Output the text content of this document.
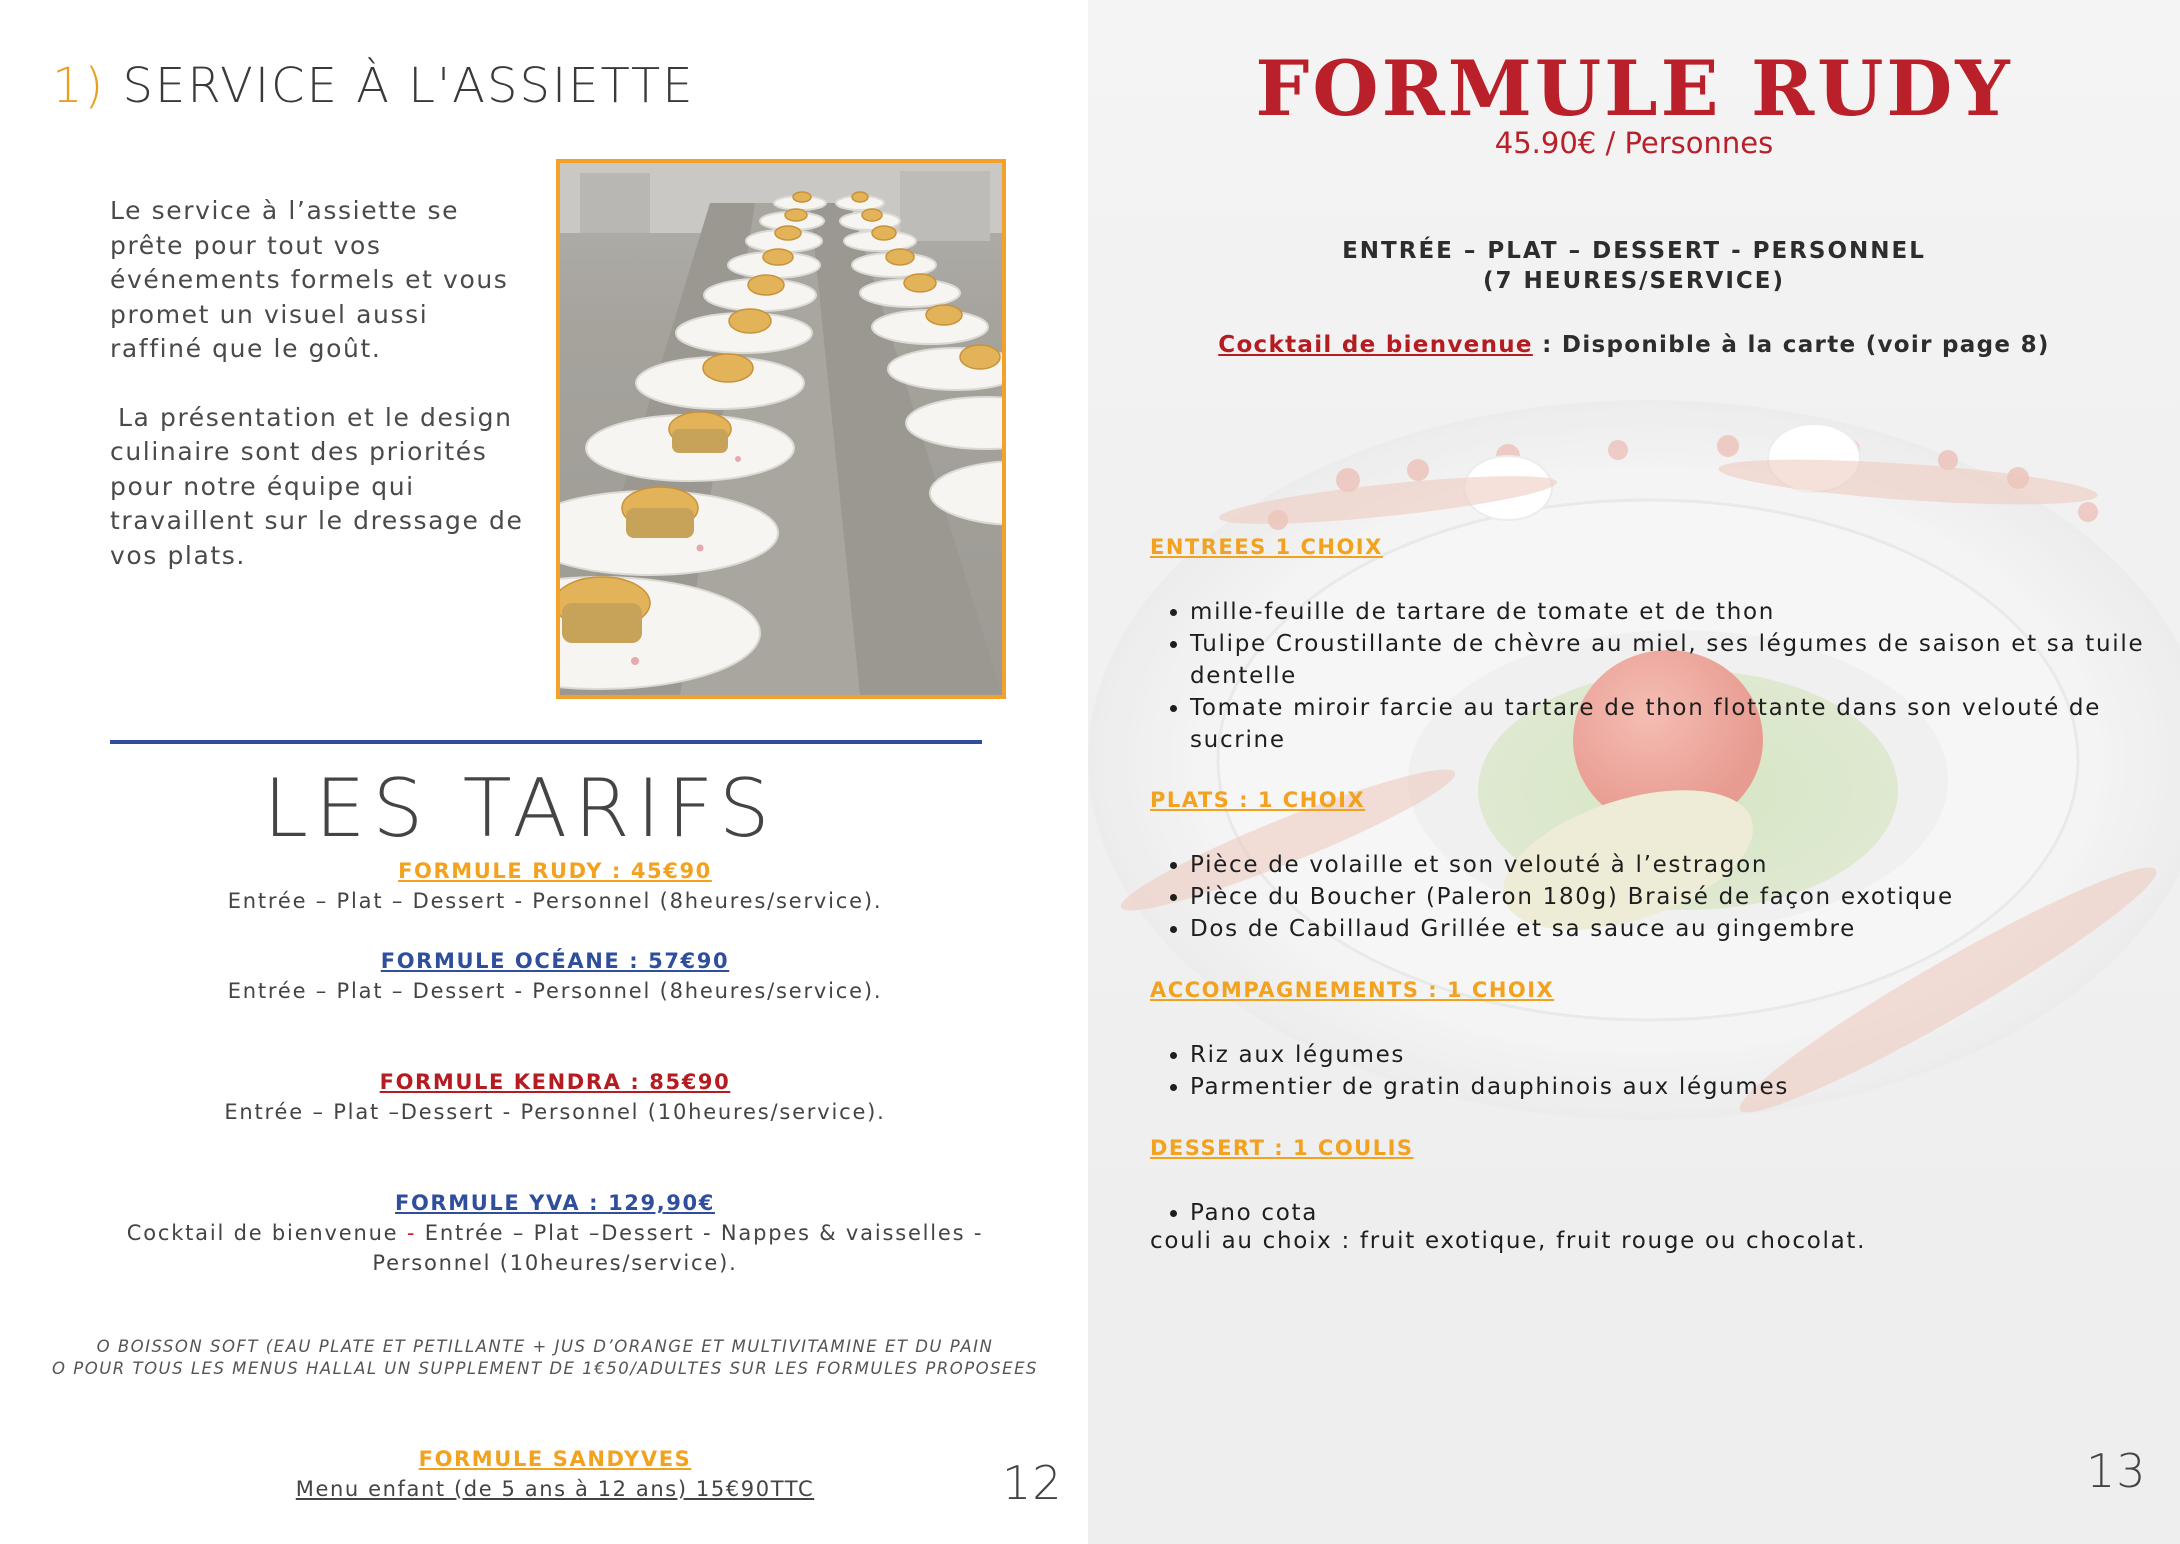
1) SERVICE À L'ASSIETTE

Le service à l’assiette se prête pour tout vos événements formels et vous promet un visuel aussi raffiné que le goût.

La présentation et le design culinaire sont des priorités pour notre équipe qui travaillent sur le dressage de vos plats.

LES TARIFS
FORMULE RUDY : 45€90
Entrée – Plat – Dessert - Personnel (8heures/service).
FORMULE OCÉANE : 57€90
Entrée – Plat – Dessert - Personnel (8heures/service).
FORMULE KENDRA : 85€90
Entrée – Plat –Dessert - Personnel (10heures/service).
FORMULE YVA : 129,90€
Cocktail de bienvenue - Entrée – Plat –Dessert - Nappes & vaisselles -
Personnel (10heures/service).
O BOISSON SOFT (EAU PLATE ET PETILLANTE + JUS D’ORANGE ET MULTIVITAMINE ET DU PAIN
O POUR TOUS LES MENUS HALLAL UN SUPPLEMENT DE 1€50/ADULTES SUR LES FORMULES PROPOSEES
FORMULE SANDYVES
Menu enfant (de 5 ans à 12 ans) 15€90TTC	12
FORMULE RUDY
45.90€ / Personnes
ENTRÉE – PLAT – DESSERT - PERSONNEL
(7 HEURES/SERVICE)
Cocktail de bienvenue : Disponible à la carte (voir page 8)
ENTREES 1 CHOIX
• mille-feuille de tartare de tomate et de thon
• Tulipe Croustillante de chèvre au miel, ses légumes de saison et sa tuile dentelle
• Tomate miroir farcie au tartare de thon flottante dans son velouté de sucrine
PLATS : 1 CHOIX
• Pièce de volaille et son velouté à l’estragon
• Pièce du Boucher (Paleron 180g) Braisé de façon exotique
• Dos de Cabillaud Grillée et sa sauce au gingembre
ACCOMPAGNEMENTS : 1 CHOIX
• Riz aux légumes
• Parmentier de gratin dauphinois aux légumes
DESSERT : 1 COULIS
• Pano cota
couli au choix : fruit exotique, fruit rouge ou chocolat.
13
